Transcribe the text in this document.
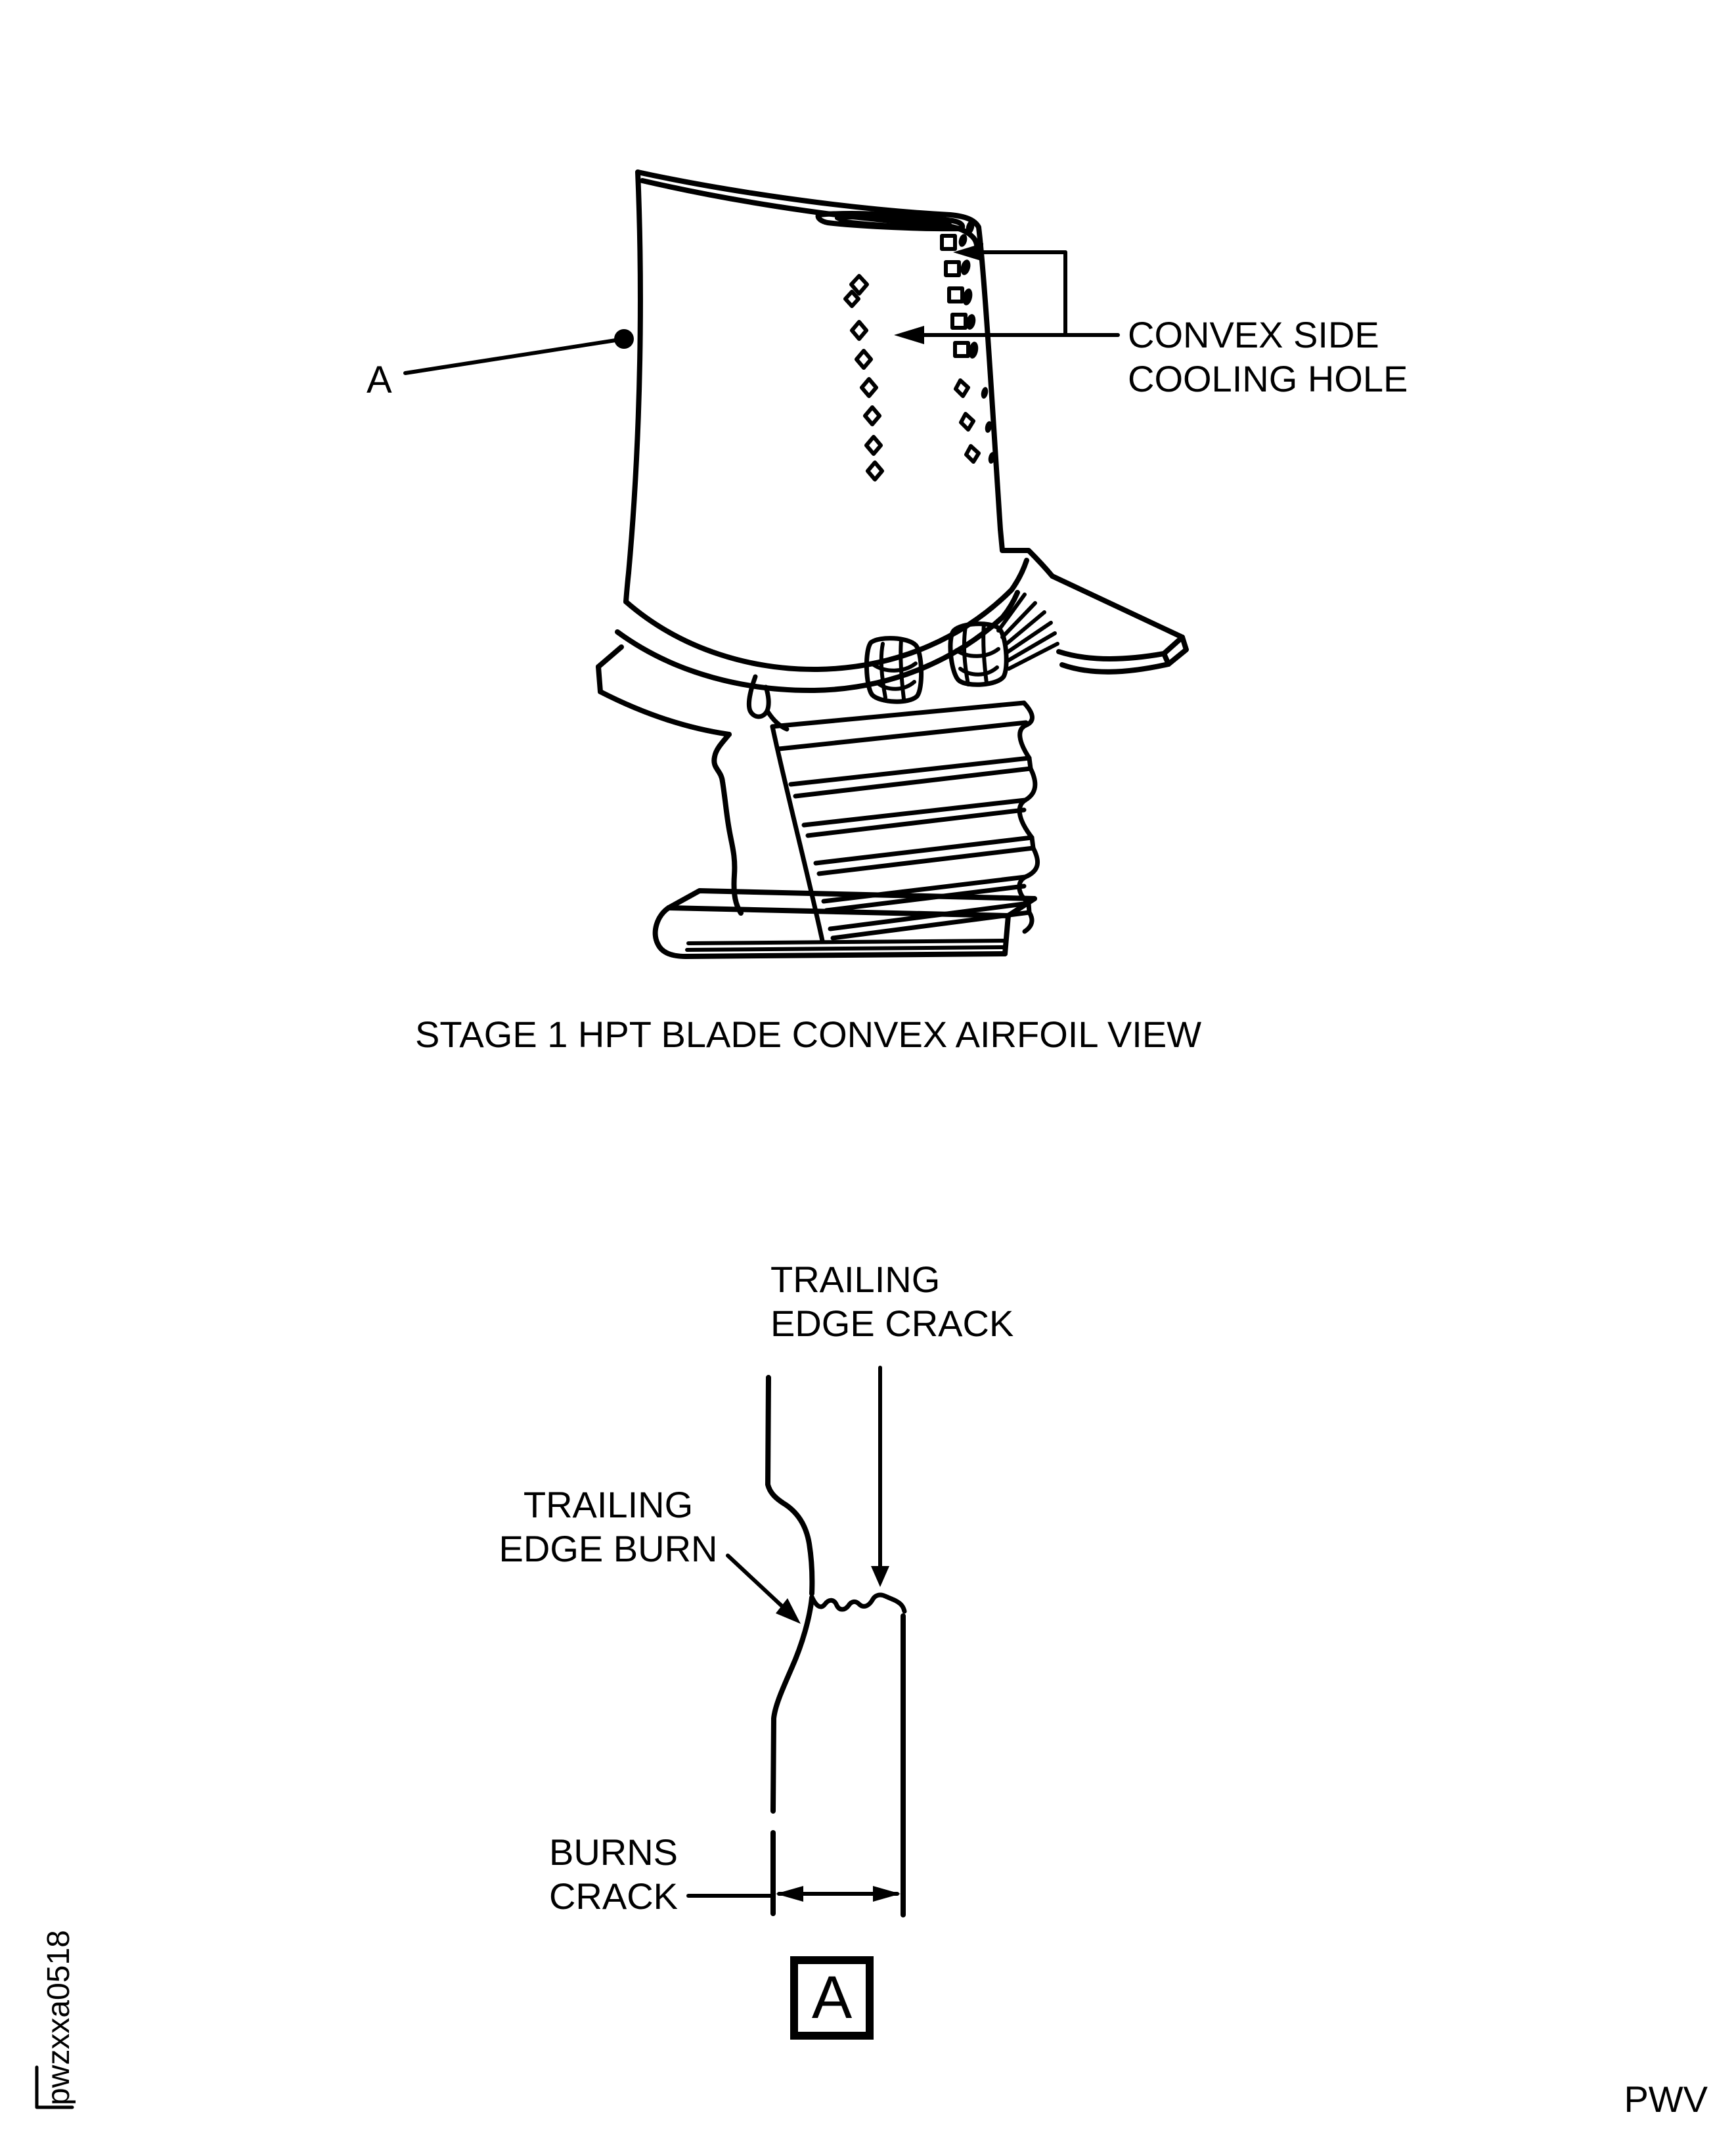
A
CONVEX SIDE
COOLING HOLE
STAGE 1 HPT BLADE CONVEX AIRFOIL VIEW
TRAILING
EDGE CRACK
TRAILING
EDGE BURN
BURNS
CRACK
A
pwzxxa0518	PWV
